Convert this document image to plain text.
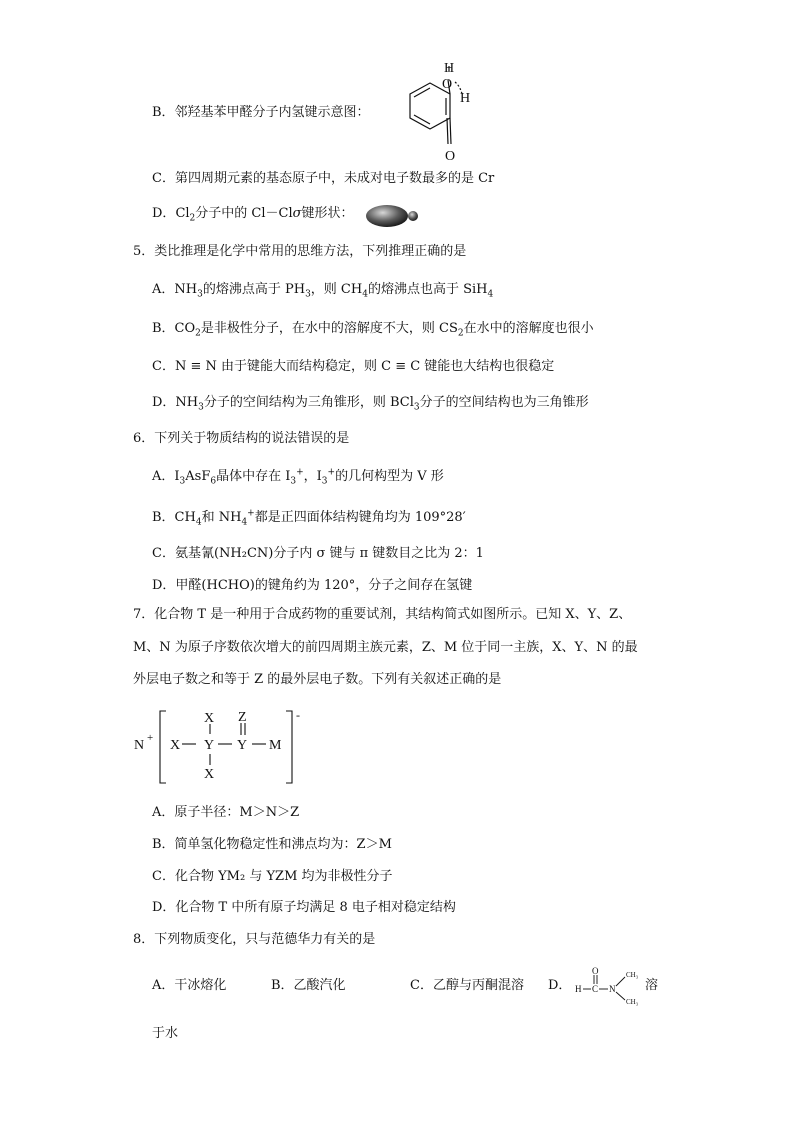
B．邻羟基苯甲醛分子内氢键示意图：
H
O
H
O
C．第四周期元素的基态原子中，未成对电子数最多的是 Cr
D．$Cl_2$分子中的 Cl－Clσ键形状：
5．类比推理是化学中常用的思维方法，下列推理正确的是
A．$NH_3$的熔沸点高于 $PH_3$，则 $CH_4$的熔沸点也高于 SiH$_4$
B．$CO_2$是非极性分子，在水中的溶解度不大，则 $CS_2$在水中的溶解度也很小
C．N ≡ N 由于键能大而结构稳定，则 C ≡ C 键能也大结构也很稳定
D．$NH_3$分子的空间结构为三角锥形，则 BCl$_3$分子的空间结构也为三角锥形
6．下列关于物质结构的说法错误的是
A．$I_3AsF_6$晶体中存在 $I_3^+$，$I_3^+$的几何构型为 V 形
B．$CH_4$和 $NH_4^+$都是正四面体结构键角均为 109°28′
C．氨基氰(NH₂CN)分子内 σ 键与 π 键数目之比为 2：1
D．甲醛(HCHO)的键角约为 120°，分子之间存在氢键
7．化合物 T 是一种用于合成药物的重要试剂，其结构简式如图所示。已知 X、Y、Z、
M、N 为原子序数依次增大的前四周期主族元素，Z、M 位于同一主族，X、Y、N 的最
外层电子数之和等于 Z 的最外层电子数。下列有关叙述正确的是
N +
-
X Y
X
X
Y
Z
M
A．原子半径：M＞N＞Z
B．简单氢化物稳定性和沸点均为：Z＞M
C．化合物 YM₂ 与 YZM 均为非极性分子
D．化合物 T 中所有原子均满足 8 电子相对稳定结构
8．下列物质变化，只与范德华力有关的是
A．干冰熔化	B．乙酸汽化	C．乙醇与丙酮混溶 D．
O
H C N
CH₃
CH₃
溶
于水
